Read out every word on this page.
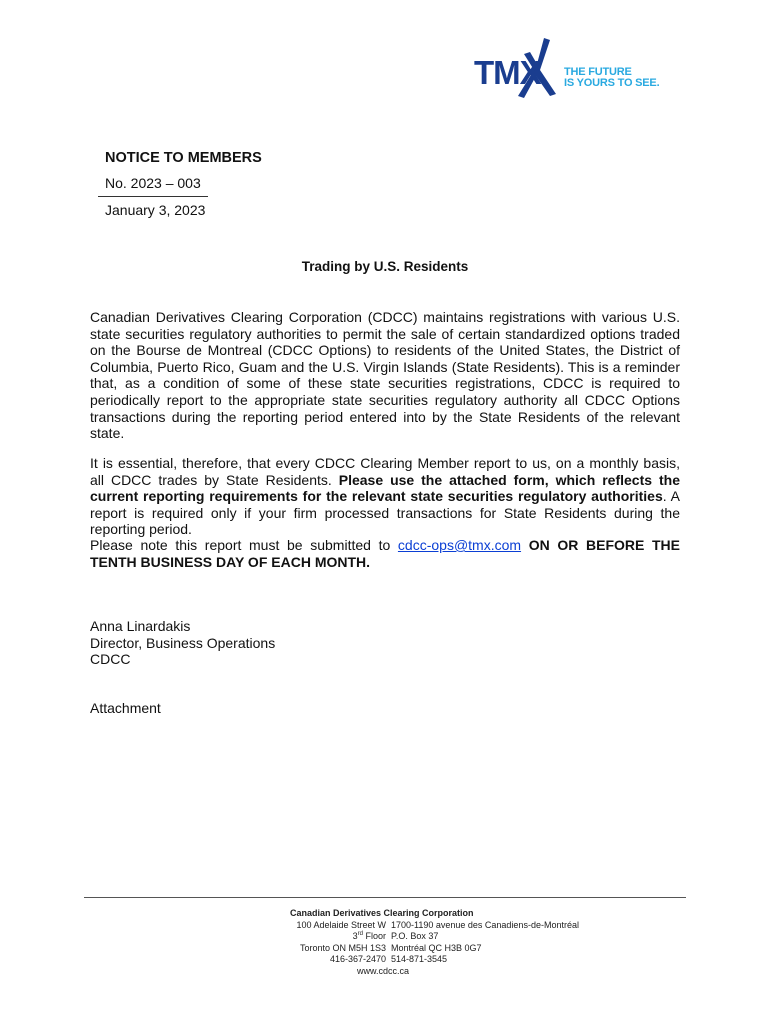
TMX THE FUTURE
IS YOURS TO SEE.
NOTICE TO MEMBERS
No. 2023 – 003
January 3, 2023
Trading by U.S. Residents
Canadian Derivatives Clearing Corporation (CDCC) maintains registrations with various U.S. state securities regulatory authorities to permit the sale of certain standardized options traded on the Bourse de Montreal (CDCC Options) to residents of the United States, the District of Columbia, Puerto Rico, Guam and the U.S. Virgin Islands (State Residents). This is a reminder that, as a condition of some of these state securities registrations, CDCC is required to periodically report to the appropriate state securities regulatory authority all CDCC Options transactions during the reporting period entered into by the State Residents of the relevant state.
It is essential, therefore, that every CDCC Clearing Member report to us, on a monthly basis, all CDCC trades by State Residents. Please use the attached form, which reflects the current reporting requirements for the relevant state securities regulatory authorities. A report is required only if your firm processed transactions for State Residents during the reporting period.
Please note this report must be submitted to cdcc-ops@tmx.com ON OR BEFORE THE TENTH BUSINESS DAY OF EACH MONTH.
Anna Linardakis
Director, Business Operations
CDCC
Attachment
Canadian Derivatives Clearing Corporation
100 Adelaide Street W
3rd Floor
Toronto ON M5H 1S3
416-367-2470
1700-1190 avenue des Canadiens-de-Montréal
P.O. Box 37
Montréal QC H3B 0G7
514-871-3545
www.cdcc.ca
